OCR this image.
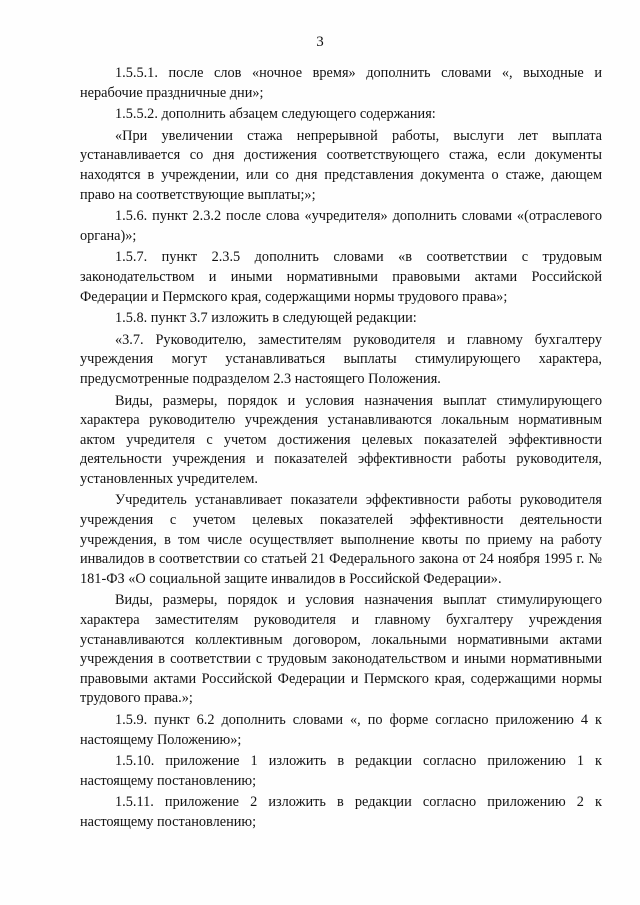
3

1.5.5.1. после слов «ночное время» дополнить словами «, выходные и нерабочие праздничные дни»;

1.5.5.2. дополнить абзацем следующего содержания:

«При увеличении стажа непрерывной работы, выслуги лет выплата устанавливается со дня достижения соответствующего стажа, если документы находятся в учреждении, или со дня представления документа о стаже, дающем право на соответствующие выплаты;»;

1.5.6. пункт 2.3.2 после слова «учредителя» дополнить словами «(отраслевого органа)»;

1.5.7. пункт 2.3.5 дополнить словами «в соответствии с трудовым законодательством и иными нормативными правовыми актами Российской Федерации и Пермского края, содержащими нормы трудового права»;

1.5.8. пункт 3.7 изложить в следующей редакции:

«3.7. Руководителю, заместителям руководителя и главному бухгалтеру учреждения могут устанавливаться выплаты стимулирующего характера, предусмотренные подразделом 2.3 настоящего Положения.

Виды, размеры, порядок и условия назначения выплат стимулирующего характера руководителю учреждения устанавливаются локальным нормативным актом учредителя с учетом достижения целевых показателей эффективности деятельности учреждения и показателей эффективности работы руководителя, установленных учредителем.

Учредитель устанавливает показатели эффективности работы руководителя учреждения с учетом целевых показателей эффективности деятельности учреждения, в том числе осуществляет выполнение квоты по приему на работу инвалидов в соответствии со статьей 21 Федерального закона от 24 ноября 1995 г. № 181-ФЗ «О социальной защите инвалидов в Российской Федерации».

Виды, размеры, порядок и условия назначения выплат стимулирующего характера заместителям руководителя и главному бухгалтеру учреждения устанавливаются коллективным договором, локальными нормативными актами учреждения в соответствии с трудовым законодательством и иными нормативными правовыми актами Российской Федерации и Пермского края, содержащими нормы трудового права.»;

1.5.9. пункт 6.2 дополнить словами «, по форме согласно приложению 4 к настоящему Положению»;

1.5.10. приложение 1 изложить в редакции согласно приложению 1 к настоящему постановлению;

1.5.11. приложение 2 изложить в редакции согласно приложению 2 к настоящему постановлению;
